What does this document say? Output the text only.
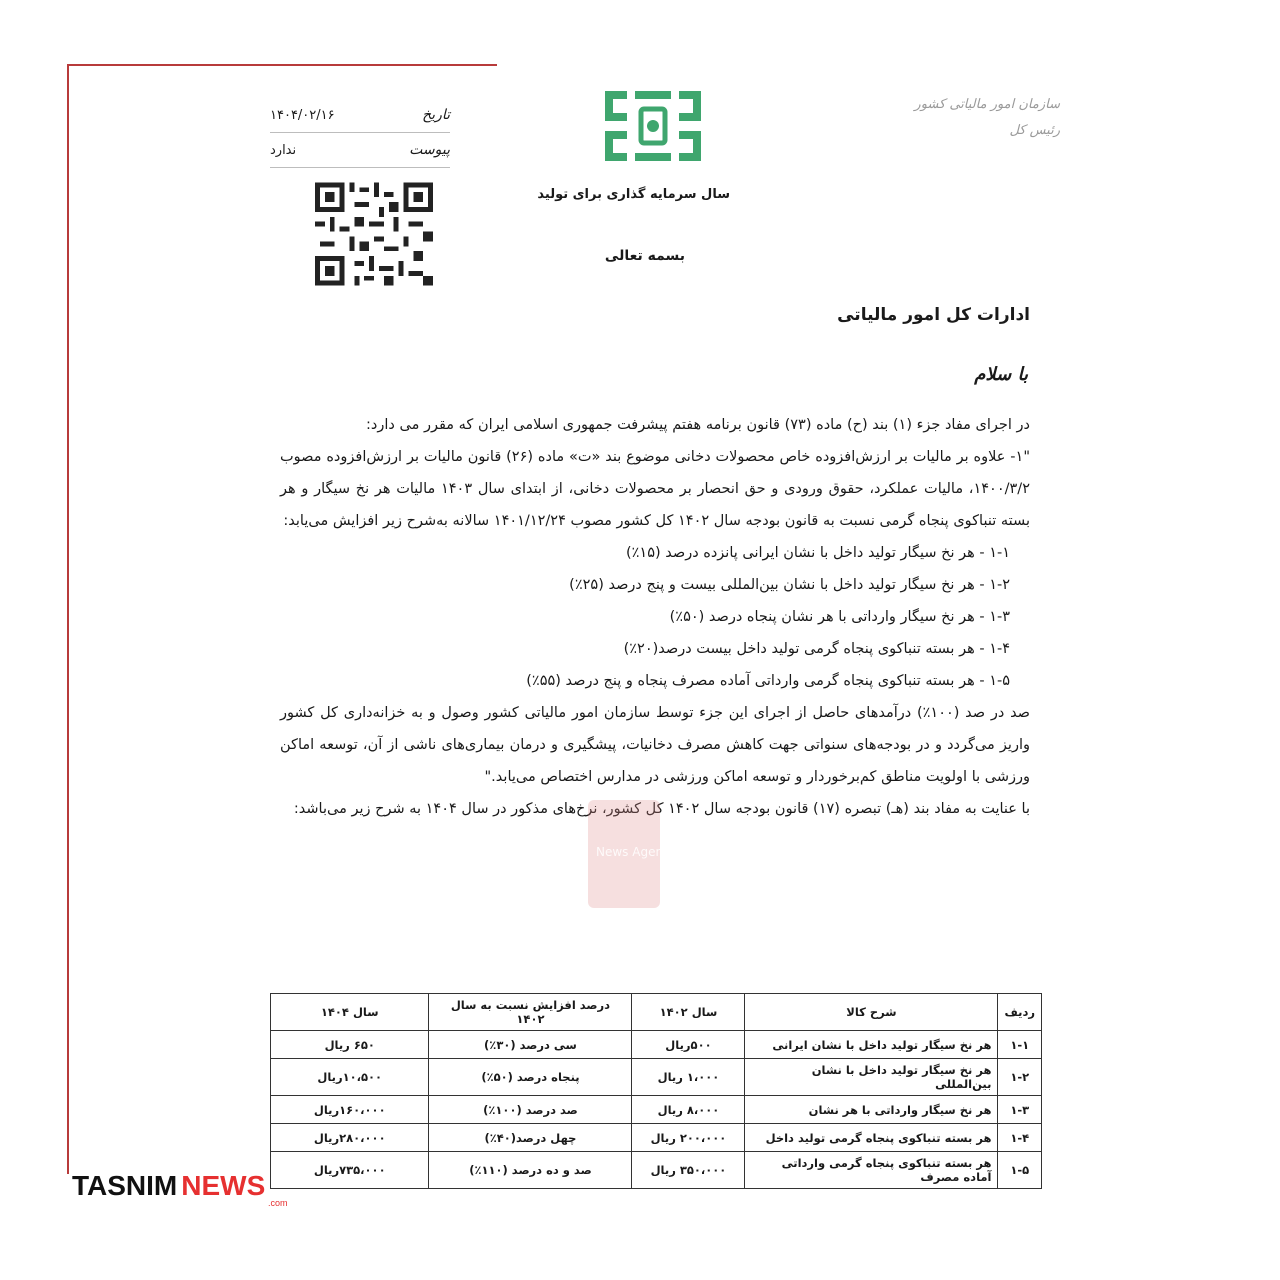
سازمان امور مالیاتی کشور
رئیس کل
سال سرمایه گذاری برای تولید
بسمه تعالی
تاریخ
۱۴۰۴/۰۲/۱۶
پیوست
ندارد
ادارات کل امور مالیاتی
با سلام

در اجرای مفاد جزء (۱) بند (ح) ماده (۷۳) قانون برنامه هفتم پیشرفت جمهوری اسلامی ایران که مقرر می دارد:

"۱- علاوه بر مالیات بر ارزش‌افزوده خاص محصولات دخانی موضوع بند «ت» ماده (۲۶) قانون مالیات بر ارزش‌افزوده مصوب ۱۴۰۰/۳/۲، مالیات عملکرد، حقوق ورودی و حق انحصار بر محصولات دخانی، از ابتدای سال ۱۴۰۳ مالیات هر نخ سیگار و هر بسته تنباکوی پنجاه گرمی نسبت به قانون بودجه سال ۱۴۰۲ کل کشور مصوب ۱۴۰۱/۱۲/۲۴ سالانه به‌شرح زیر افزایش می‌یابد:

۱-۱ - هر نخ سیگار تولید داخل با نشان ایرانی پانزده درصد (۱۵٪)
۱-۲ - هر نخ سیگار تولید داخل با نشان بین‌المللی بیست و پنج درصد (۲۵٪)
۱-۳ - هر نخ سیگار وارداتی با هر نشان پنجاه درصد (۵۰٪)
۱-۴ - هر بسته تنباکوی پنجاه گرمی تولید داخل بیست درصد(۲۰٪)
۱-۵ - هر بسته تنباکوی پنجاه گرمی وارداتی آماده مصرف پنجاه و پنج درصد (۵۵٪)

صد در صد (۱۰۰٪) درآمدهای حاصل از اجرای این جزء توسط سازمان امور مالیاتی کشور وصول و به خزانه‌داری کل کشور واریز می‌گردد و در بودجه‌های سنواتی جهت کاهش مصرف دخانیات، پیشگیری و درمان بیماری‌های ناشی از آن، توسعه اماکن ورزشی با اولویت مناطق کم‌برخوردار و توسعه اماکن ورزشی در مدارس اختصاص می‌یابد."

با عنایت به مفاد بند (هـ) تبصره (۱۷) قانون بودجه سال ۱۴۰۲ کل کشور، نرخ‌های مذکور در سال ۱۴۰۴ به شرح زیر می‌باشد:

ردیف	شرح کالا	سال ۱۴۰۲	درصد افزایش نسبت به سال ۱۴۰۲	سال ۱۴۰۴
۱-۱	هر نخ سیگار تولید داخل با نشان ایرانی	۵۰۰ریال	سی درصد (۳۰٪)	۶۵۰ ریال
۱-۲	هر نخ سیگار تولید داخل با نشان بین‌المللی	۱،۰۰۰ ریال	پنجاه درصد (۵۰٪)	۱۰،۵۰۰ریال
۱-۳	هر نخ سیگار وارداتی با هر نشان	۸،۰۰۰ ریال	صد درصد (۱۰۰٪)	۱۶۰،۰۰۰ریال
۱-۴	هر بسته تنباکوی پنجاه گرمی تولید داخل	۲۰۰،۰۰۰ ریال	چهل درصد(۴۰٪)	۲۸۰،۰۰۰ریال
۱-۵	هر بسته تنباکوی پنجاه گرمی وارداتی آماده مصرف	۳۵۰،۰۰۰ ریال	صد و ده درصد (۱۱۰٪)	۷۳۵،۰۰۰ریال
News Agency
TASNIM NEWS
.com
